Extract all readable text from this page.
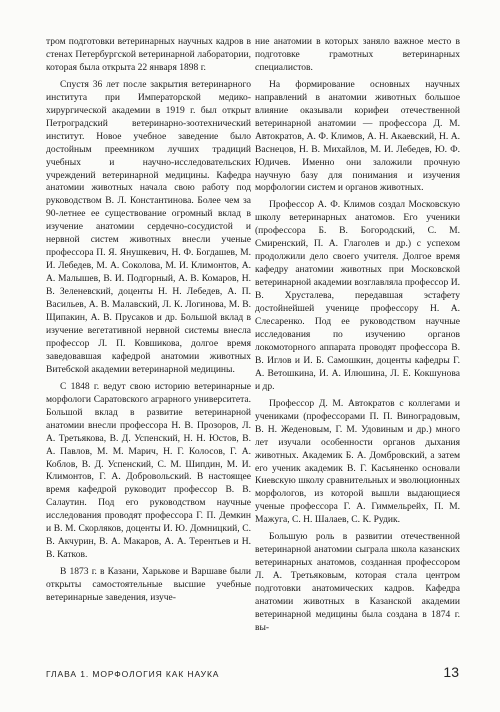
тром подготовки ветеринарных научных кадров в стенах Петербургской ветеринарной лаборатории, которая была открыта 22 января 1898 г.

Спустя 36 лет после закрытия ветеринарного института при Императорской медико-хирургической академии в 1919 г. был открыт Петроградский ветеринарно-зоотехнический институт. Новое учебное заведение было достойным преемником лучших традиций учебных и научно-исследовательских учреждений ветеринарной медицины. Кафедра анатомии животных начала свою работу под руководством В. Л. Константинова. Более чем за 90-летнее ее существование огромный вклад в изучение анатомии сердечно-сосудистой и нервной систем животных внесли ученые профессора П. Я. Янушкевич, Н. Ф. Богдашев, М. И. Лебедев, М. А. Соколова, М. И. Климонтов, А. А. Малышев, В. И. Подгорный, А. В. Комаров, Н. В. Зеленевский, доценты Н. Н. Лебедев, А. П. Васильев, А. В. Малавский, Л. К. Логинова, М. В. Щипакин, А. В. Прусаков и др. Большой вклад в изучение вегетативной нервной системы внесла профессор Л. П. Ковшикова, долгое время заведовавшая кафедрой анатомии животных Витебской академии ветеринарной медицины.

С 1848 г. ведут свою историю ветеринарные морфологи Саратовского аграрного университета. Большой вклад в развитие ветеринарной анатомии внесли профессора Н. В. Прозоров, Л. А. Третьякова, В. Д. Успенский, Н. Н. Юстов, В. А. Павлов, М. М. Марич, Н. Г. Колосов, Г. А. Коблов, В. Д. Успенский, С. М. Шипдин, М. И. Климонтов, Г. А. Добровольский. В настоящее время кафедрой руководит профессор В. В. Салаутин. Под его руководством научные исследования проводят профессора Г. П. Демкин и В. М. Скорляков, доценты И. Ю. Домницкий, С. В. Акчурин, В. А. Макаров, А. А. Терентьев и Н. В. Катков.

В 1873 г. в Казани, Харькове и Варшаве были открыты самостоятельные высшие учебные ветеринарные заведения, изуче-

ние анатомии в которых заняло важное место в подготовке грамотных ветеринарных специалистов.

На формирование основных научных направлений в анатомии животных большое влияние оказывали корифеи отечественной ветеринарной анатомии — профессора Д. М. Автократов, А. Ф. Климов, А. Н. Акаевский, Н. А. Васнецов, Н. В. Михайлов, М. И. Лебедев, Ю. Ф. Юдичев. Именно они заложили прочную научную базу для понимания и изучения морфологии систем и органов животных.

Профессор А. Ф. Климов создал Московскую школу ветеринарных анатомов. Его ученики (профессора Б. В. Богородский, С. М. Смиренский, П. А. Глаголев и др.) с успехом продолжили дело своего учителя. Долгое время кафедру анатомии животных при Московской ветеринарной академии возглавляла профессор И. В. Хрусталева, передавшая эстафету достойнейшей ученице профессору Н. А. Слесаренко. Под ее руководством научные исследования по изучению органов локомоторного аппарата проводят профессора В. В. Иглов и И. Б. Самошкин, доценты кафедры Г. А. Ветошкина, И. А. Илюшина, Л. Е. Кокшунова и др.

Профессор Д. М. Автократов с коллегами и учениками (профессорами П. П. Виноградовым, В. Н. Жеденовым, Г. М. Удовиным и др.) много лет изучали особенности органов дыхания животных. Академик Б. А. Домбровский, а затем его ученик академик В. Г. Касьяненко основали Киевскую школу сравнительных и эволюционных морфологов, из которой вышли выдающиеся ученые профессора Г. А. Гиммельрейх, П. М. Мажуга, С. Н. Шалаев, С. К. Рудик.

Большую роль в развитии отечественной ветеринарной анатомии сыграла школа казанских ветеринарных анатомов, созданная профессором Л. А. Третьяковым, которая стала центром подготовки анатомических кадров. Кафедра анатомии животных в Казанской академии ветеринарной медицины была создана в 1874 г. вы-

ГЛАВА 1. МОРФОЛОГИЯ КАК НАУКА	13
